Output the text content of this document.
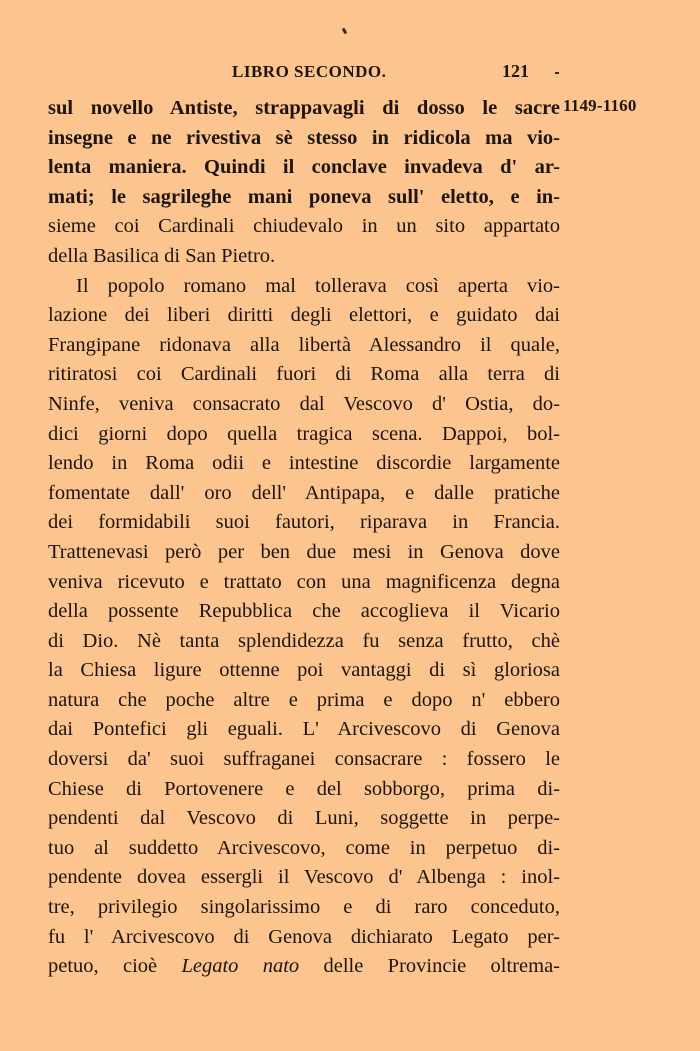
LIBRO SECONDO.	121
1149-1160
sul novello Antiste, strappavagli di dosso le sacre
insegne e ne rivestiva sè stesso in ridicola ma vio-
lenta maniera. Quindi il conclave invadeva d' ar-
mati; le sagrileghe mani poneva sull' eletto, e in-
sieme coi Cardinali chiudevalo in un sito appartato
della Basilica di San Pietro.
Il popolo romano mal tollerava così aperta vio-
lazione dei liberi diritti degli elettori, e guidato dai
Frangipane ridonava alla libertà Alessandro il quale,
ritiratosi coi Cardinali fuori di Roma alla terra di
Ninfe, veniva consacrato dal Vescovo d' Ostia, do-
dici giorni dopo quella tragica scena. Dappoi, bol-
lendo in Roma odii e intestine discordie largamente
fomentate dall' oro dell' Antipapa, e dalle pratiche
dei formidabili suoi fautori, riparava in Francia.
Trattenevasi però per ben due mesi in Genova dove
veniva ricevuto e trattato con una magnificenza degna
della possente Repubblica che accoglieva il Vicario
di Dio. Nè tanta splendidezza fu senza frutto, chè
la Chiesa ligure ottenne poi vantaggi di sì gloriosa
natura che poche altre e prima e dopo n' ebbero
dai Pontefici gli eguali. L' Arcivescovo di Genova
doversi da' suoi suffraganei consacrare : fossero le
Chiese di Portovenere e del sobborgo, prima di-
pendenti dal Vescovo di Luni, soggette in perpe-
tuo al suddetto Arcivescovo, come in perpetuo di-
pendente dovea essergli il Vescovo d' Albenga : inol-
tre, privilegio singolarissimo e di raro conceduto,
fu l' Arcivescovo di Genova dichiarato Legato per-
petuo, cioè Legato nato delle Provincie oltrema-
